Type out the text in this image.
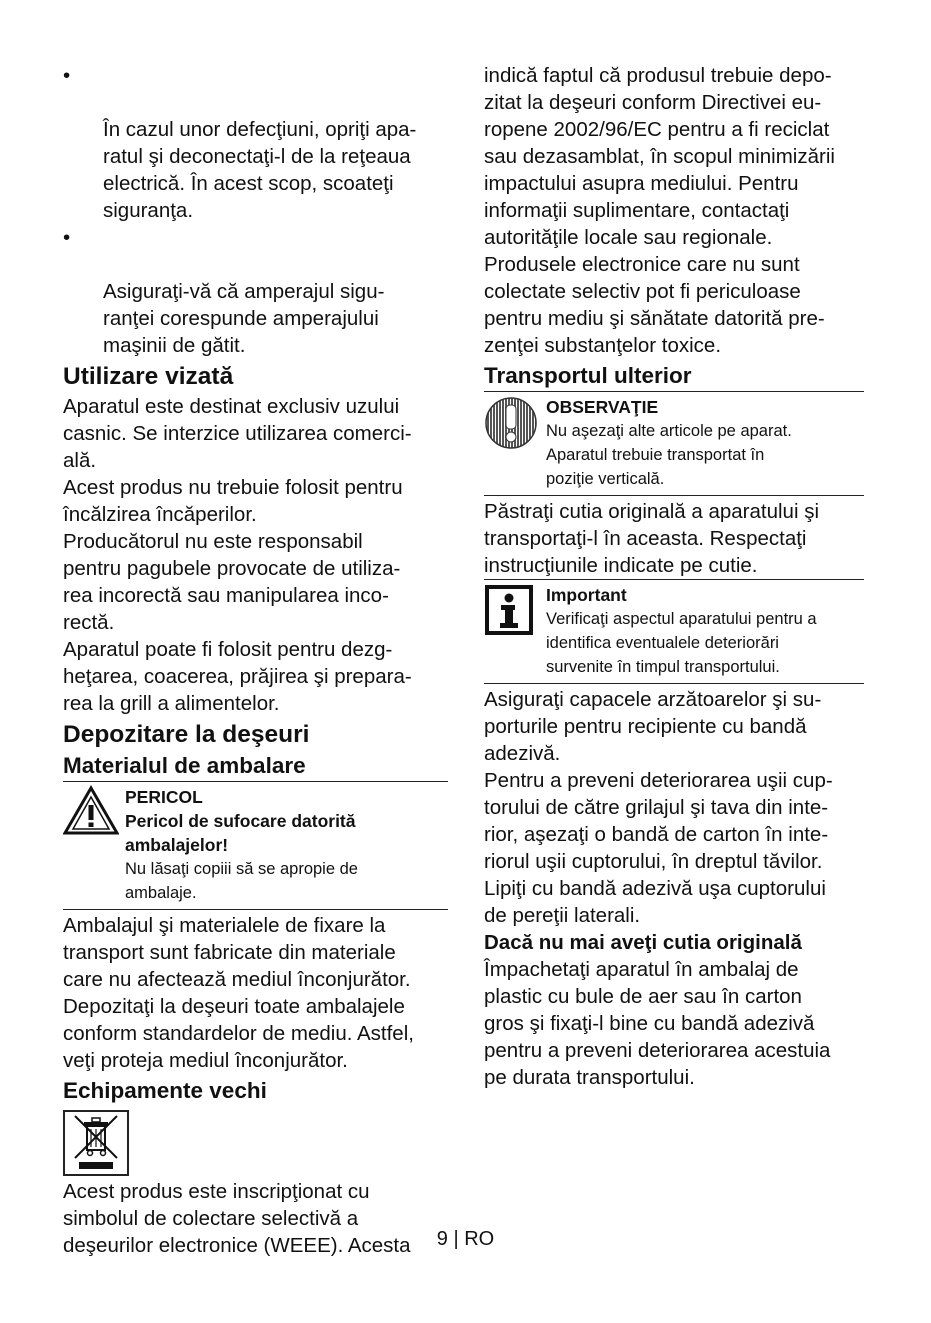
•

În cazul unor defecţiuni, opriţi apa-
ratul şi deconectaţi-l de la reţeaua
electrică. În acest scop, scoateţi
siguranţa.

•

Asiguraţi-vă că amperajul sigu-
ranţei corespunde amperajului
maşinii de gătit.

Utilizare vizată

Aparatul este destinat exclusiv uzului
casnic. Se interzice utilizarea comerci-
ală.

Acest produs nu trebuie folosit pentru
încălzirea încăperilor.

Producătorul nu este responsabil
pentru pagubele provocate de utiliza-
rea incorectă sau manipularea inco-
rectă.

Aparatul poate fi folosit pentru dezg-
heţarea, coacerea, prăjirea şi prepara-
rea la grill a alimentelor.

Depozitare la deşeuri
Materialul de ambalare
PERICOL
Pericol de sufocare datorită
ambalajelor!
Nu lăsaţi copiii să se apropie de
ambalaje.

Ambalajul şi materialele de fixare la
transport sunt fabricate din materiale
care nu afectează mediul înconjurător.
Depozitaţi la deşeuri toate ambalajele
conform standardelor de mediu. Astfel,
veţi proteja mediul înconjurător.

Echipamente vechi

Acest produs este inscripţionat cu
simbolul de colectare selectivă a
deşeurilor electronice (WEEE). Acesta

indică faptul că produsul trebuie depo-
zitat la deşeuri conform Directivei eu-
ropene 2002/96/EC pentru a fi reciclat
sau dezasamblat, în scopul minimizării
impactului asupra mediului. Pentru
informaţii suplimentare, contactaţi
autorităţile locale sau regionale.

Produsele electronice care nu sunt
colectate selectiv pot fi periculoase
pentru mediu şi sănătate datorită pre-
zenţei substanţelor toxice.

Transportul ulterior
OBSERVAŢIE
Nu aşezaţi alte articole pe aparat.
Aparatul trebuie transportat în
poziţie verticală.

Păstraţi cutia originală a aparatului şi
transportaţi-l în aceasta. Respectaţi
instrucţiunile indicate pe cutie.

Important
Verificaţi aspectul aparatului pentru a
identifica eventualele deteriorări
survenite în timpul transportului.

Asiguraţi capacele arzătoarelor şi su-
porturile pentru recipiente cu bandă
adezivă.

Pentru a preveni deteriorarea uşii cup-
torului de către grilajul şi tava din inte-
rior, aşezaţi o bandă de carton în inte-
riorul uşii cuptorului, în dreptul tăvilor.
Lipiţi cu bandă adezivă uşa cuptorului
de pereţii laterali.

Dacă nu mai aveţi cutia originală

Împachetaţi aparatul în ambalaj de
plastic cu bule de aer sau în carton
gros şi fixaţi-l bine cu bandă adezivă
pentru a preveni deteriorarea acestuia
pe durata transportului.

9 | RO
